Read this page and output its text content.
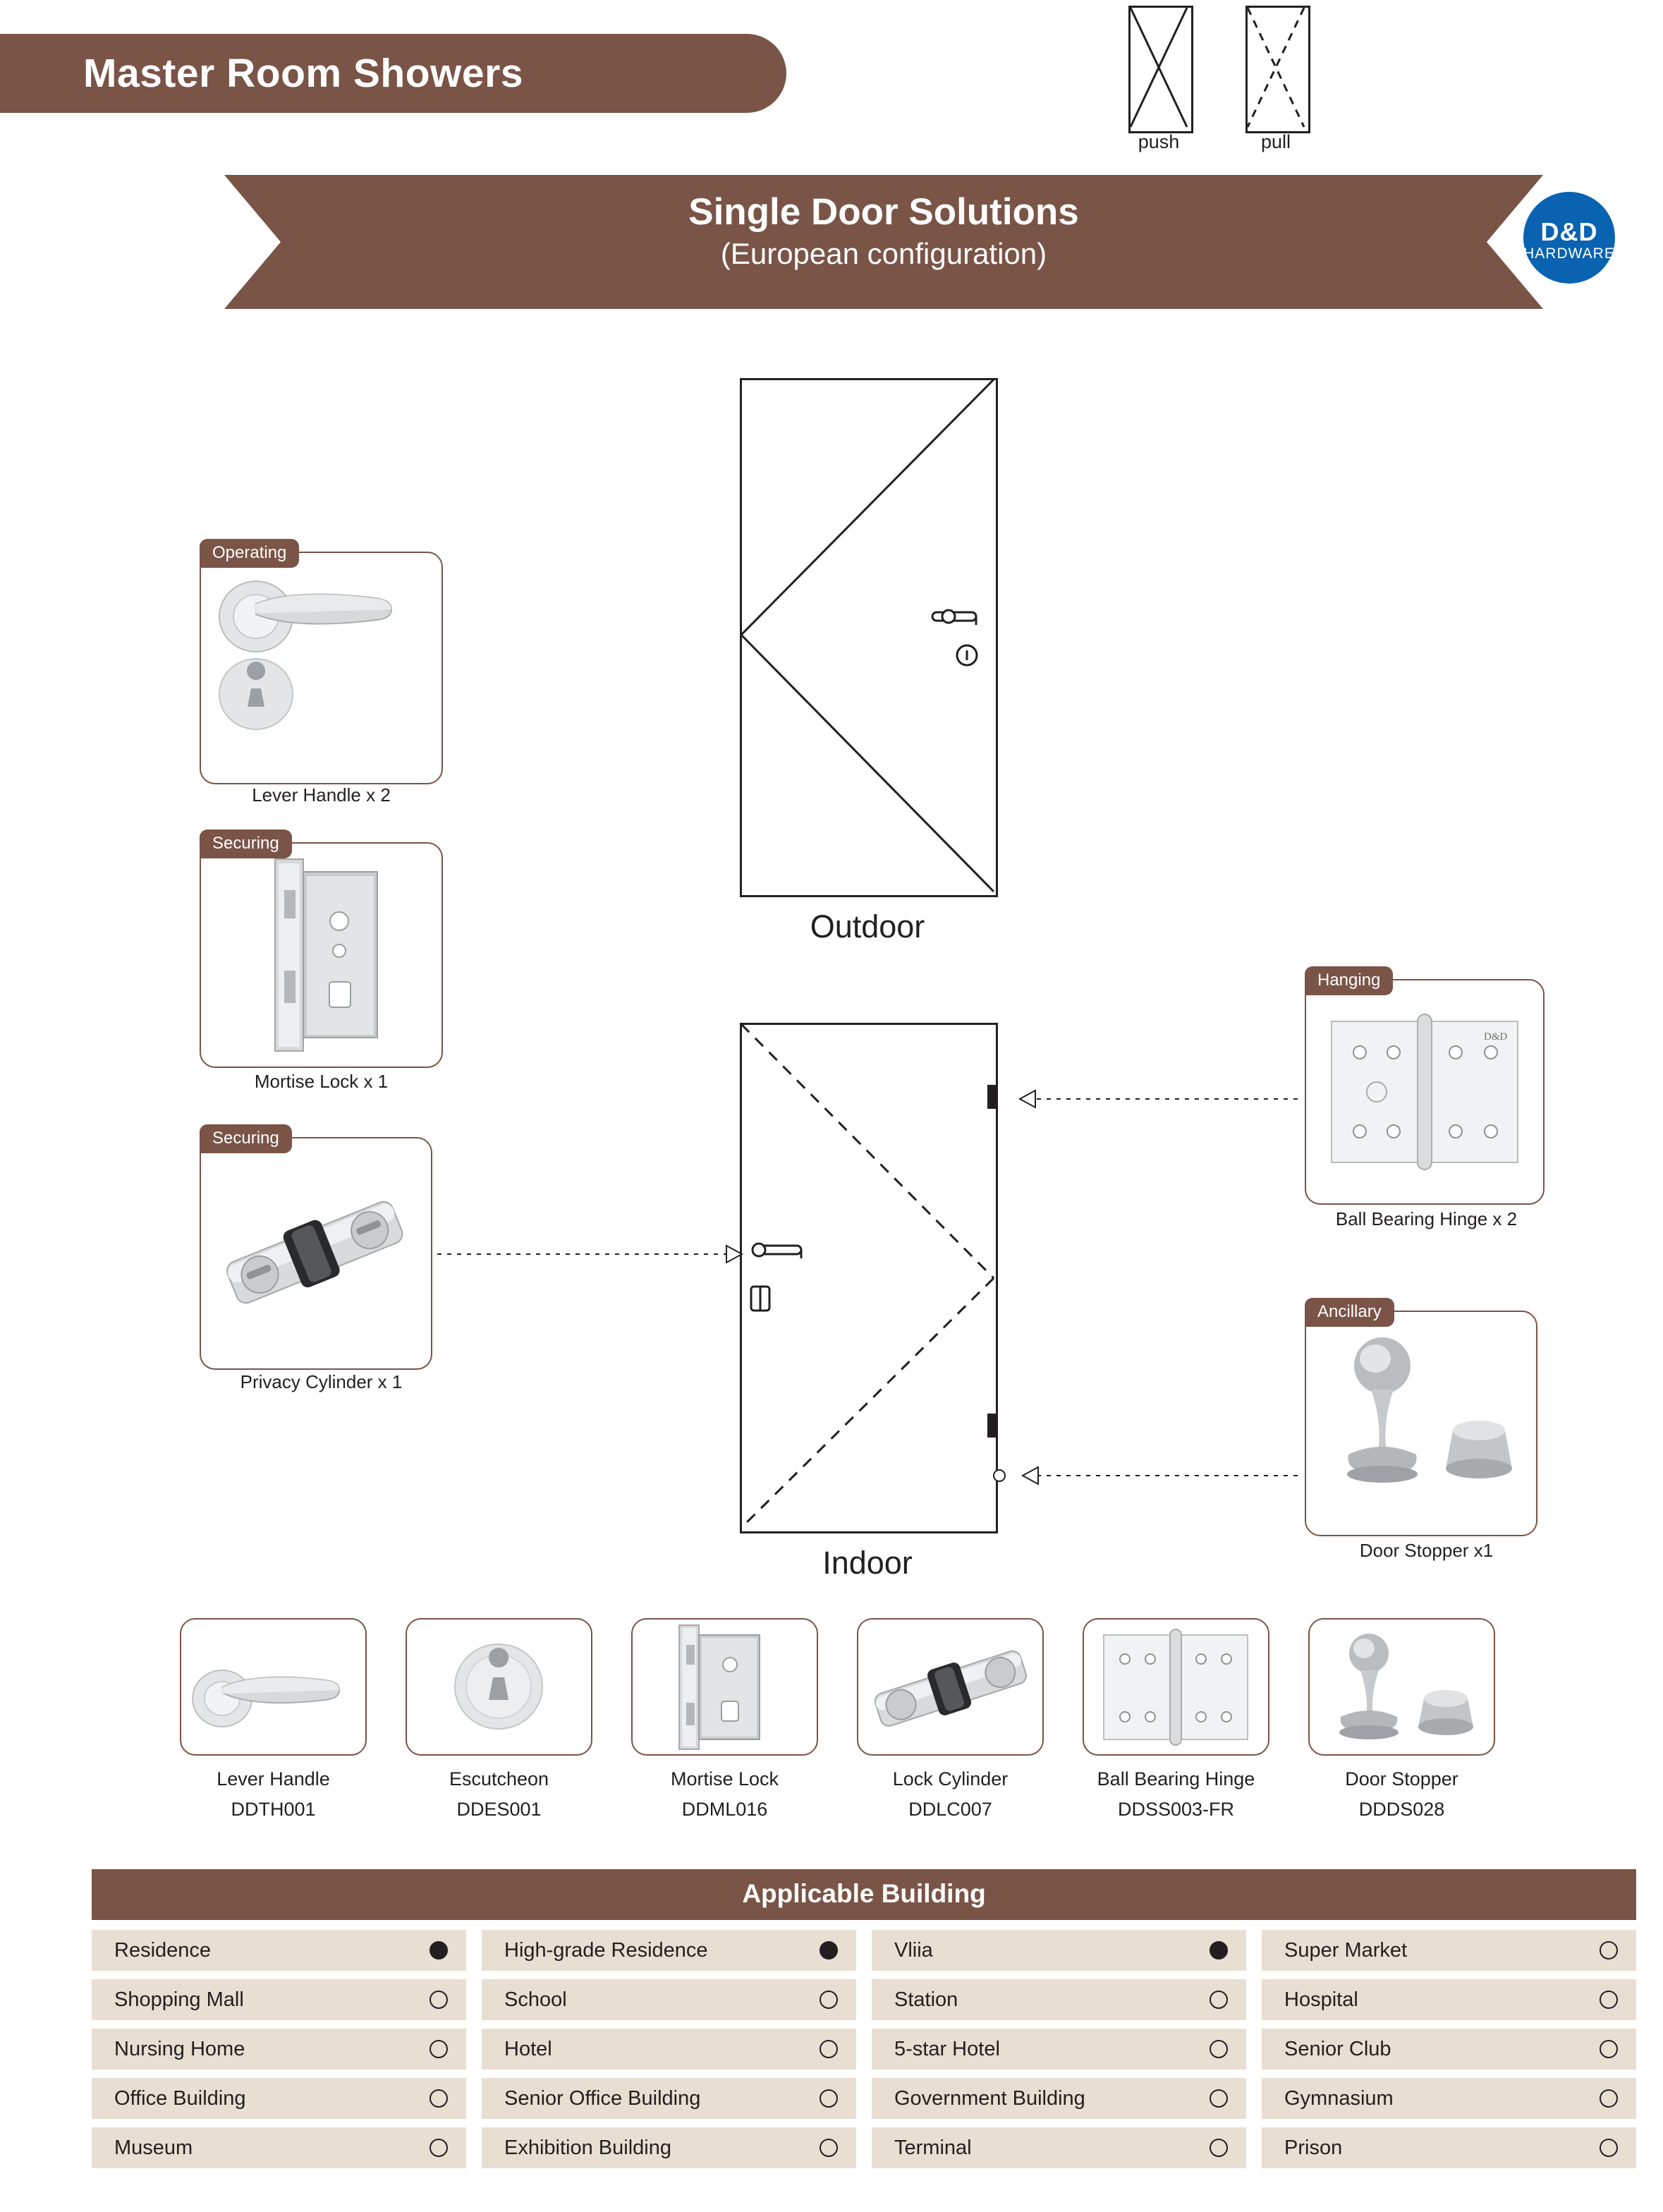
Master Room Showers
push	pull
Single Door Solutions
(European configuration)
D&D
HARDWARE
Outdoor
Indoor
Operating
Lever Handle x 2
Securing
Mortise Lock x 1
Securing
Privacy Cylinder x 1
Hanging
D&D
Ball Bearing Hinge x 2
Ancillary
Door Stopper x1
Lever Handle
DDTH001
Escutcheon
DDES001
Mortise Lock
DDML016
Lock Cylinder
DDLC007
Ball Bearing Hinge
DDSS003-FR
Door Stopper
DDDS028
Applicable Building
Residence	High-grade Residence	Vliia	Super Market
Shopping Mall	School	Station	Hospital
Nursing Home	Hotel	5-star Hotel	Senior Club
Office Building	Senior Office Building	Government Building	Gymnasium
Museum	Exhibition Building	Terminal	Prison
